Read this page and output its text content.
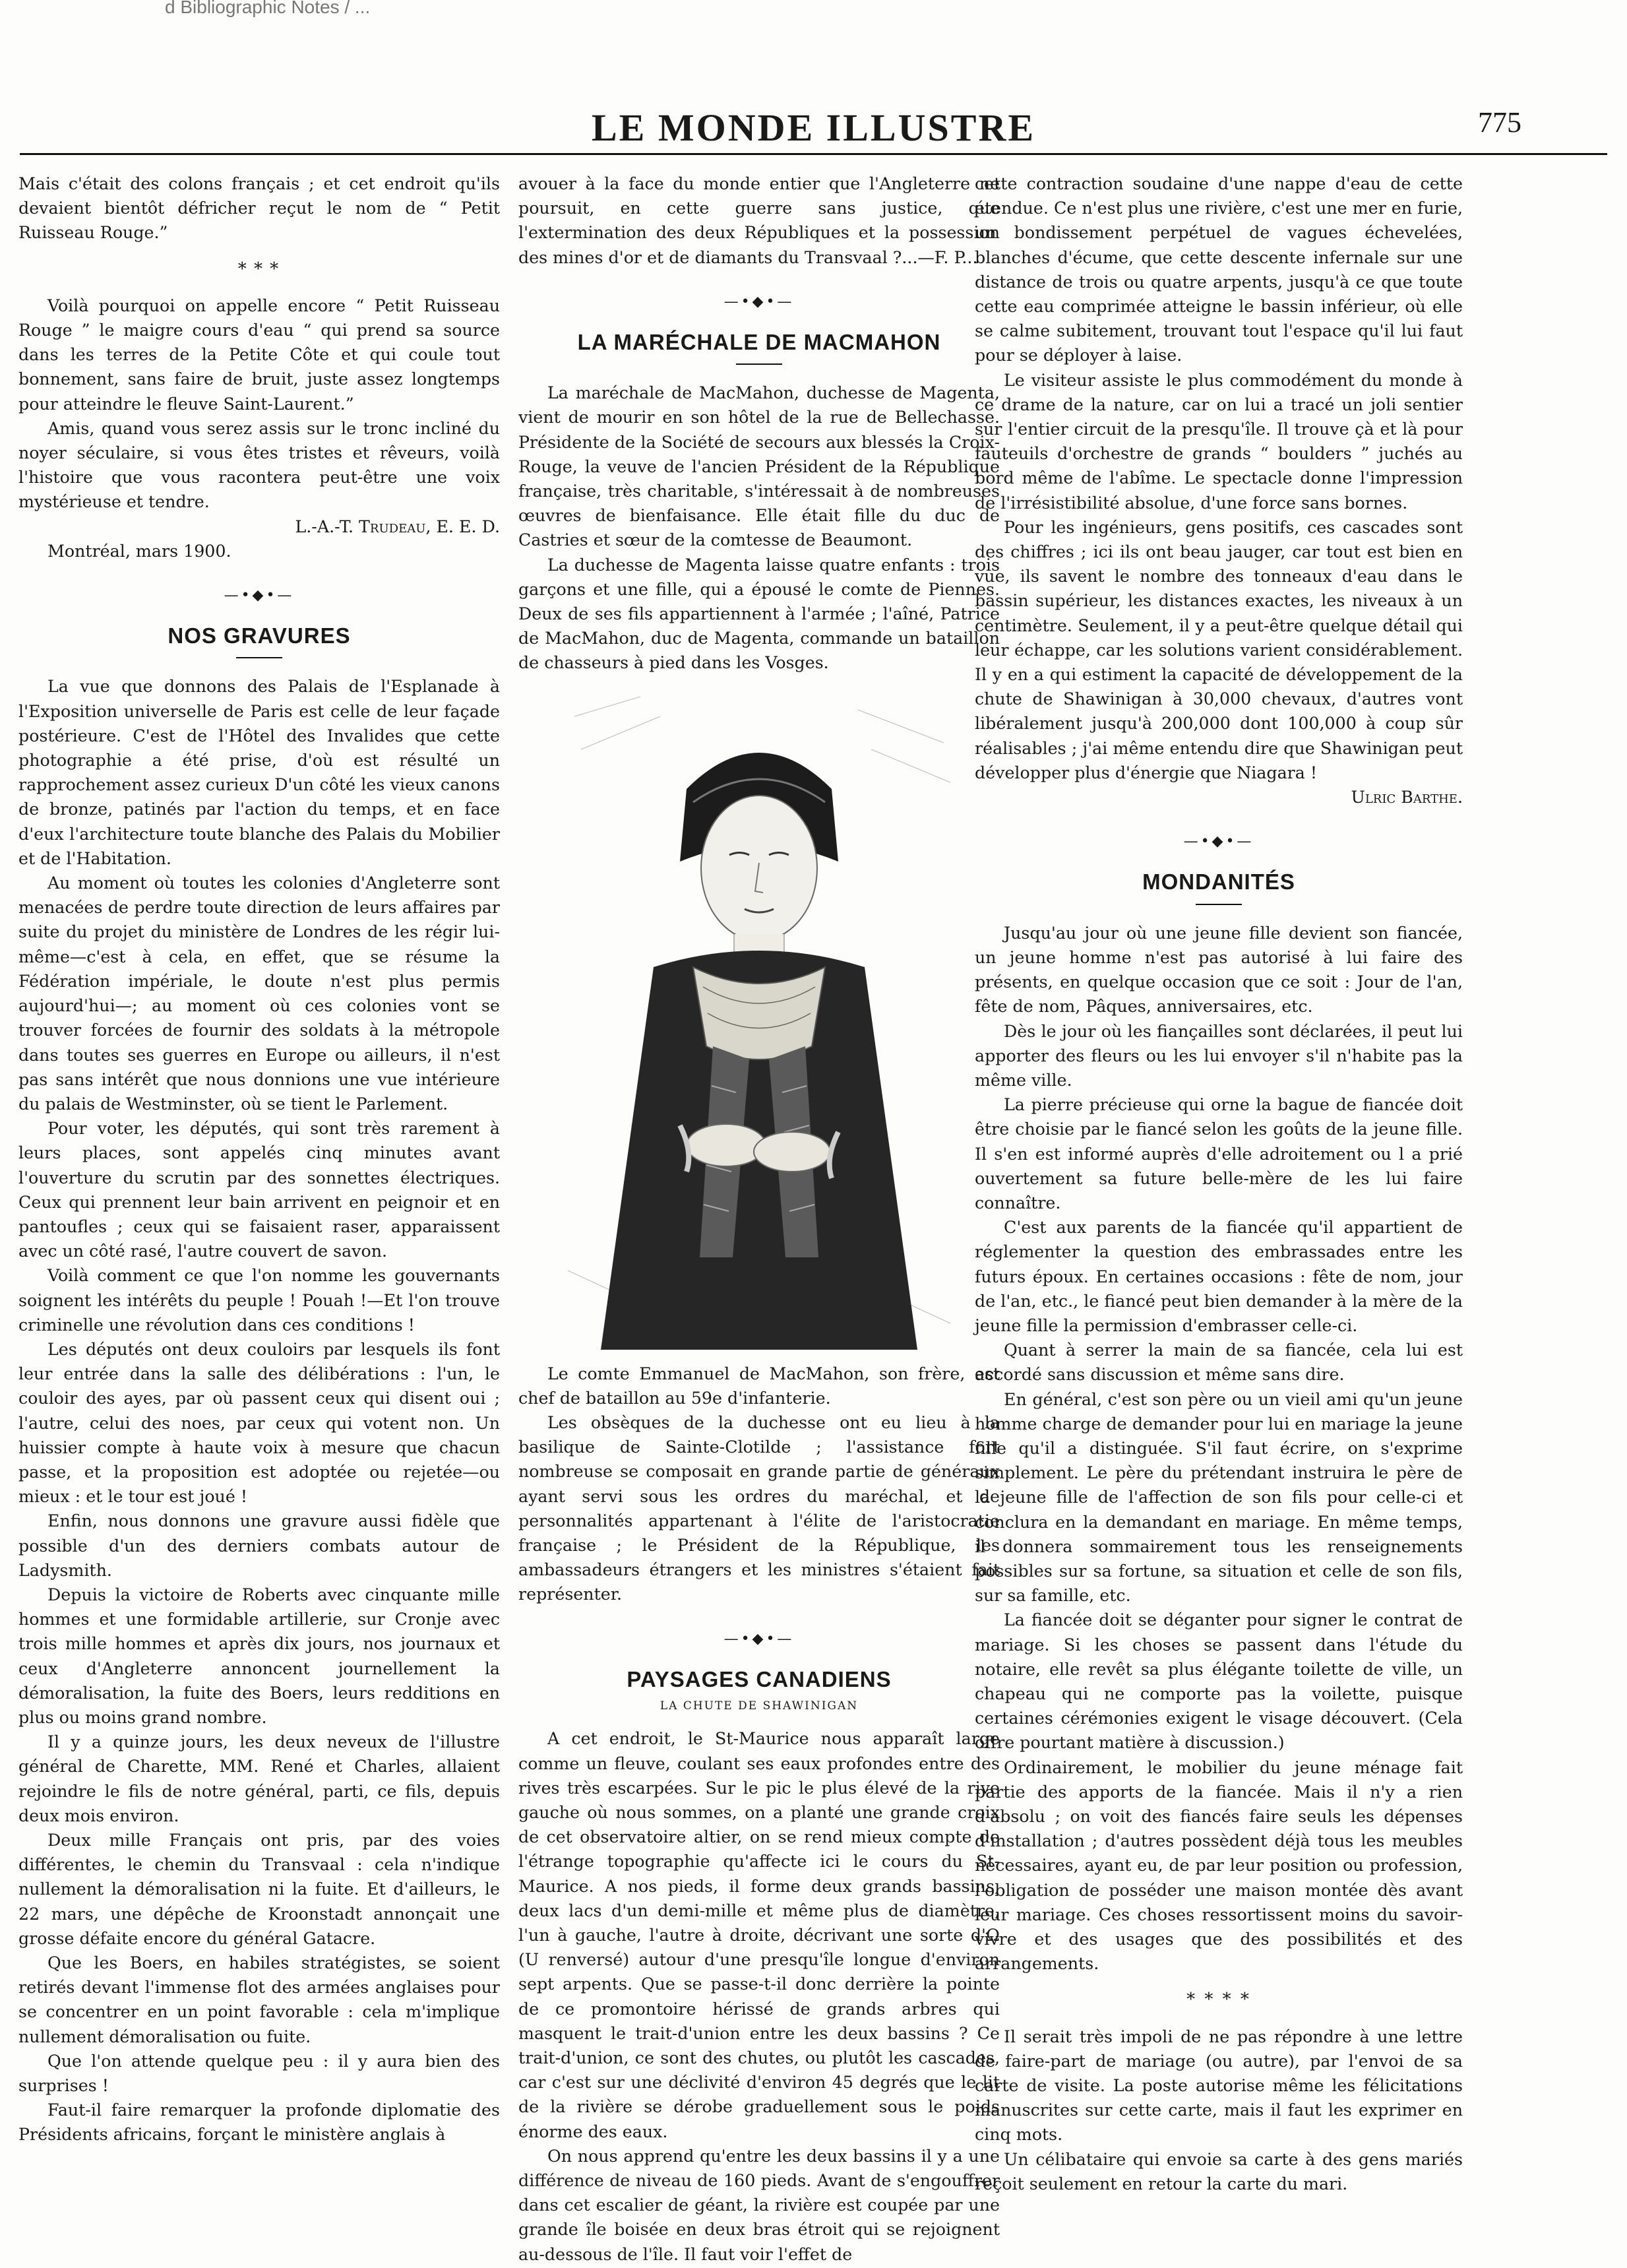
d Bibliographic Notes / ...
LE MONDE ILLUSTRE	775

Mais c'était des colons français ; et cet endroit qu'ils devaient bientôt défricher reçut le nom de “ Petit Ruisseau Rouge.”

* * *

Voilà pourquoi on appelle encore “ Petit Ruisseau Rouge ” le maigre cours d'eau “ qui prend sa source dans les terres de la Petite Côte et qui coule tout bonnement, sans faire de bruit, juste assez longtemps pour atteindre le fleuve Saint-Laurent.”

Amis, quand vous serez assis sur le tronc incliné du noyer séculaire, si vous êtes tristes et rêveurs, voilà l'histoire que vous racontera peut-être une voix mystérieuse et tendre.

L.-A.-T. Trudeau, E. E. D.

Montréal, mars 1900.

—•◆•—
NOS GRAVURES

La vue que donnons des Palais de l'Esplanade à l'Exposition universelle de Paris est celle de leur façade postérieure. C'est de l'Hôtel des Invalides que cette photographie a été prise, d'où est résulté un rapprochement assez curieux D'un côté les vieux canons de bronze, patinés par l'action du temps, et en face d'eux l'architecture toute blanche des Palais du Mobilier et de l'Habitation.

Au moment où toutes les colonies d'Angleterre sont menacées de perdre toute direction de leurs affaires par suite du projet du ministère de Londres de les régir lui-même—c'est à cela, en effet, que se résume la Fédération impériale, le doute n'est plus permis aujourd'hui—; au moment où ces colonies vont se trouver forcées de fournir des soldats à la métropole dans toutes ses guerres en Europe ou ailleurs, il n'est pas sans intérêt que nous donnions une vue intérieure du palais de Westminster, où se tient le Parlement.

Pour voter, les députés, qui sont très rarement à leurs places, sont appelés cinq minutes avant l'ouverture du scrutin par des sonnettes électriques. Ceux qui prennent leur bain arrivent en peignoir et en pantoufles ; ceux qui se faisaient raser, apparaissent avec un côté rasé, l'autre couvert de savon.

Voilà comment ce que l'on nomme les gouvernants soignent les intérêts du peuple ! Pouah !—Et l'on trouve criminelle une révolution dans ces conditions !

Les députés ont deux couloirs par lesquels ils font leur entrée dans la salle des délibérations : l'un, le couloir des ayes, par où passent ceux qui disent oui ; l'autre, celui des noes, par ceux qui votent non. Un huissier compte à haute voix à mesure que chacun passe, et la proposition est adoptée ou rejetée—ou mieux : et le tour est joué !

Enfin, nous donnons une gravure aussi fidèle que possible d'un des derniers combats autour de Ladysmith.

Depuis la victoire de Roberts avec cinquante mille hommes et une formidable artillerie, sur Cronje avec trois mille hommes et après dix jours, nos journaux et ceux d'Angleterre annoncent journellement la démoralisation, la fuite des Boers, leurs redditions en plus ou moins grand nombre.

Il y a quinze jours, les deux neveux de l'illustre général de Charette, MM. René et Charles, allaient rejoindre le fils de notre général, parti, ce fils, depuis deux mois environ.

Deux mille Français ont pris, par des voies différentes, le chemin du Transvaal : cela n'indique nullement la démoralisation ni la fuite. Et d'ailleurs, le 22 mars, une dépêche de Kroonstadt annonçait une grosse défaite encore du général Gatacre.

Que les Boers, en habiles stratégistes, se soient retirés devant l'immense flot des armées anglaises pour se concentrer en un point favorable : cela m'implique nullement démoralisation ou fuite.

Que l'on attende quelque peu : il y aura bien des surprises !

Faut-il faire remarquer la profonde diplomatie des Présidents africains, forçant le ministère anglais à

avouer à la face du monde entier que l'Angleterre ne poursuit, en cette guerre sans justice, que l'extermination des deux Républiques et la possession des mines d'or et de diamants du Transvaal ?...—F. P...

—•◆•—
LA MARÉCHALE DE MACMAHON

La maréchale de MacMahon, duchesse de Magenta, vient de mourir en son hôtel de la rue de Bellechasse. Présidente de la Société de secours aux blessés la Croix-Rouge, la veuve de l'ancien Président de la République française, très charitable, s'intéressait à de nombreuses œuvres de bienfaisance. Elle était fille du duc de Castries et sœur de la comtesse de Beaumont.

La duchesse de Magenta laisse quatre enfants : trois garçons et une fille, qui a épousé le comte de Piennes. Deux de ses fils appartiennent à l'armée ; l'aîné, Patrice de MacMahon, duc de Magenta, commande un bataillon de chasseurs à pied dans les Vosges.

Le comte Emmanuel de MacMahon, son frère, est chef de bataillon au 59e d'infanterie.

Les obsèques de la duchesse ont eu lieu à la basilique de Sainte-Clotilde ; l'assistance fort nombreuse se composait en grande partie de généraux ayant servi sous les ordres du maréchal, et de personnalités appartenant à l'élite de l'aristocratie française ; le Président de la République, les ambassadeurs étrangers et les ministres s'étaient fait représenter.

—•◆•—
PAYSAGES CANADIENS
LA CHUTE DE SHAWINIGAN

A cet endroit, le St-Maurice nous apparaît large comme un fleuve, coulant ses eaux profondes entre des rives très escarpées. Sur le pic le plus élevé de la rive gauche où nous sommes, on a planté une grande croix de cet observatoire altier, on se rend mieux compte de l'étrange topographie qu'affecte ici le cours du St-Maurice. A nos pieds, il forme deux grands bassins, deux lacs d'un demi-mille et même plus de diamètre, l'un à gauche, l'autre à droite, décrivant une sorte d'Ω (U renversé) autour d'une presqu'île longue d'environ sept arpents. Que se passe-t-il donc derrière la pointe de ce promontoire hérissé de grands arbres qui masquent le trait-d'union entre les deux bassins ? Ce trait-d'union, ce sont des chutes, ou plutôt les cascades, car c'est sur une déclivité d'environ 45 degrés que le lit de la rivière se dérobe graduellement sous le poids énorme des eaux.

On nous apprend qu'entre les deux bassins il y a une différence de niveau de 160 pieds. Avant de s'engouffrer dans cet escalier de géant, la rivière est coupée par une grande île boisée en deux bras étroit qui se rejoignent au-dessous de l'île. Il faut voir l'effet de

cette contraction soudaine d'une nappe d'eau de cette étendue. Ce n'est plus une rivière, c'est une mer en furie, un bondissement perpétuel de vagues échevelées, blanches d'écume, que cette descente infernale sur une distance de trois ou quatre arpents, jusqu'à ce que toute cette eau comprimée atteigne le bassin inférieur, où elle se calme subitement, trouvant tout l'espace qu'il lui faut pour se déployer à laise.

Le visiteur assiste le plus commodément du monde à ce drame de la nature, car on lui a tracé un joli sentier sur l'entier circuit de la presqu'île. Il trouve çà et là pour fauteuils d'orchestre de grands “ boulders ” juchés au bord même de l'abîme. Le spectacle donne l'impression de l'irrésistibilité absolue, d'une force sans bornes.

Pour les ingénieurs, gens positifs, ces cascades sont des chiffres ; ici ils ont beau jauger, car tout est bien en vue, ils savent le nombre des tonneaux d'eau dans le bassin supérieur, les distances exactes, les niveaux à un centimètre. Seulement, il y a peut-être quelque détail qui leur échappe, car les solutions varient considérablement. Il y en a qui estiment la capacité de développement de la chute de Shawinigan à 30,000 chevaux, d'autres vont libéralement jusqu'à 200,000 dont 100,000 à coup sûr réalisables ; j'ai même entendu dire que Shawinigan peut développer plus d'énergie que Niagara !

Ulric Barthe.

—•◆•—
MONDANITÉS

Jusqu'au jour où une jeune fille devient son fiancée, un jeune homme n'est pas autorisé à lui faire des présents, en quelque occasion que ce soit : Jour de l'an, fête de nom, Pâques, anniversaires, etc.

Dès le jour où les fiançailles sont déclarées, il peut lui apporter des fleurs ou les lui envoyer s'il n'habite pas la même ville.

La pierre précieuse qui orne la bague de fiancée doit être choisie par le fiancé selon les goûts de la jeune fille. Il s'en est informé auprès d'elle adroitement ou l a prié ouvertement sa future belle-mère de les lui faire connaître.

C'est aux parents de la fiancée qu'il appartient de réglementer la question des embrassades entre les futurs époux. En certaines occasions : fête de nom, jour de l'an, etc., le fiancé peut bien demander à la mère de la jeune fille la permission d'embrasser celle-ci.

Quant à serrer la main de sa fiancée, cela lui est accordé sans discussion et même sans dire.

En général, c'est son père ou un vieil ami qu'un jeune homme charge de demander pour lui en mariage la jeune fille qu'il a distinguée. S'il faut écrire, on s'exprime simplement. Le père du prétendant instruira le père de la jeune fille de l'affection de son fils pour celle-ci et conclura en la demandant en mariage. En même temps, il donnera sommairement tous les renseignements possibles sur sa fortune, sa situation et celle de son fils, sur sa famille, etc.

La fiancée doit se déganter pour signer le contrat de mariage. Si les choses se passent dans l'étude du notaire, elle revêt sa plus élégante toilette de ville, un chapeau qui ne comporte pas la voilette, puisque certaines cérémonies exigent le visage découvert. (Cela offre pourtant matière à discussion.)

Ordinairement, le mobilier du jeune ménage fait partie des apports de la fiancée. Mais il n'y a rien d'absolu ; on voit des fiancés faire seuls les dépenses d'installation ; d'autres possèdent déjà tous les meubles nécessaires, ayant eu, de par leur position ou profession, l'obligation de posséder une maison montée dès avant leur mariage. Ces choses ressortissent moins du savoir-vivre et des usages que des possibilités et des arrangements.

* * * *

Il serait très impoli de ne pas répondre à une lettre de faire-part de mariage (ou autre), par l'envoi de sa carte de visite. La poste autorise même les félicitations manuscrites sur cette carte, mais il faut les exprimer en cinq mots.

Un célibataire qui envoie sa carte à des gens mariés reçoit seulement en retour la carte du mari.
